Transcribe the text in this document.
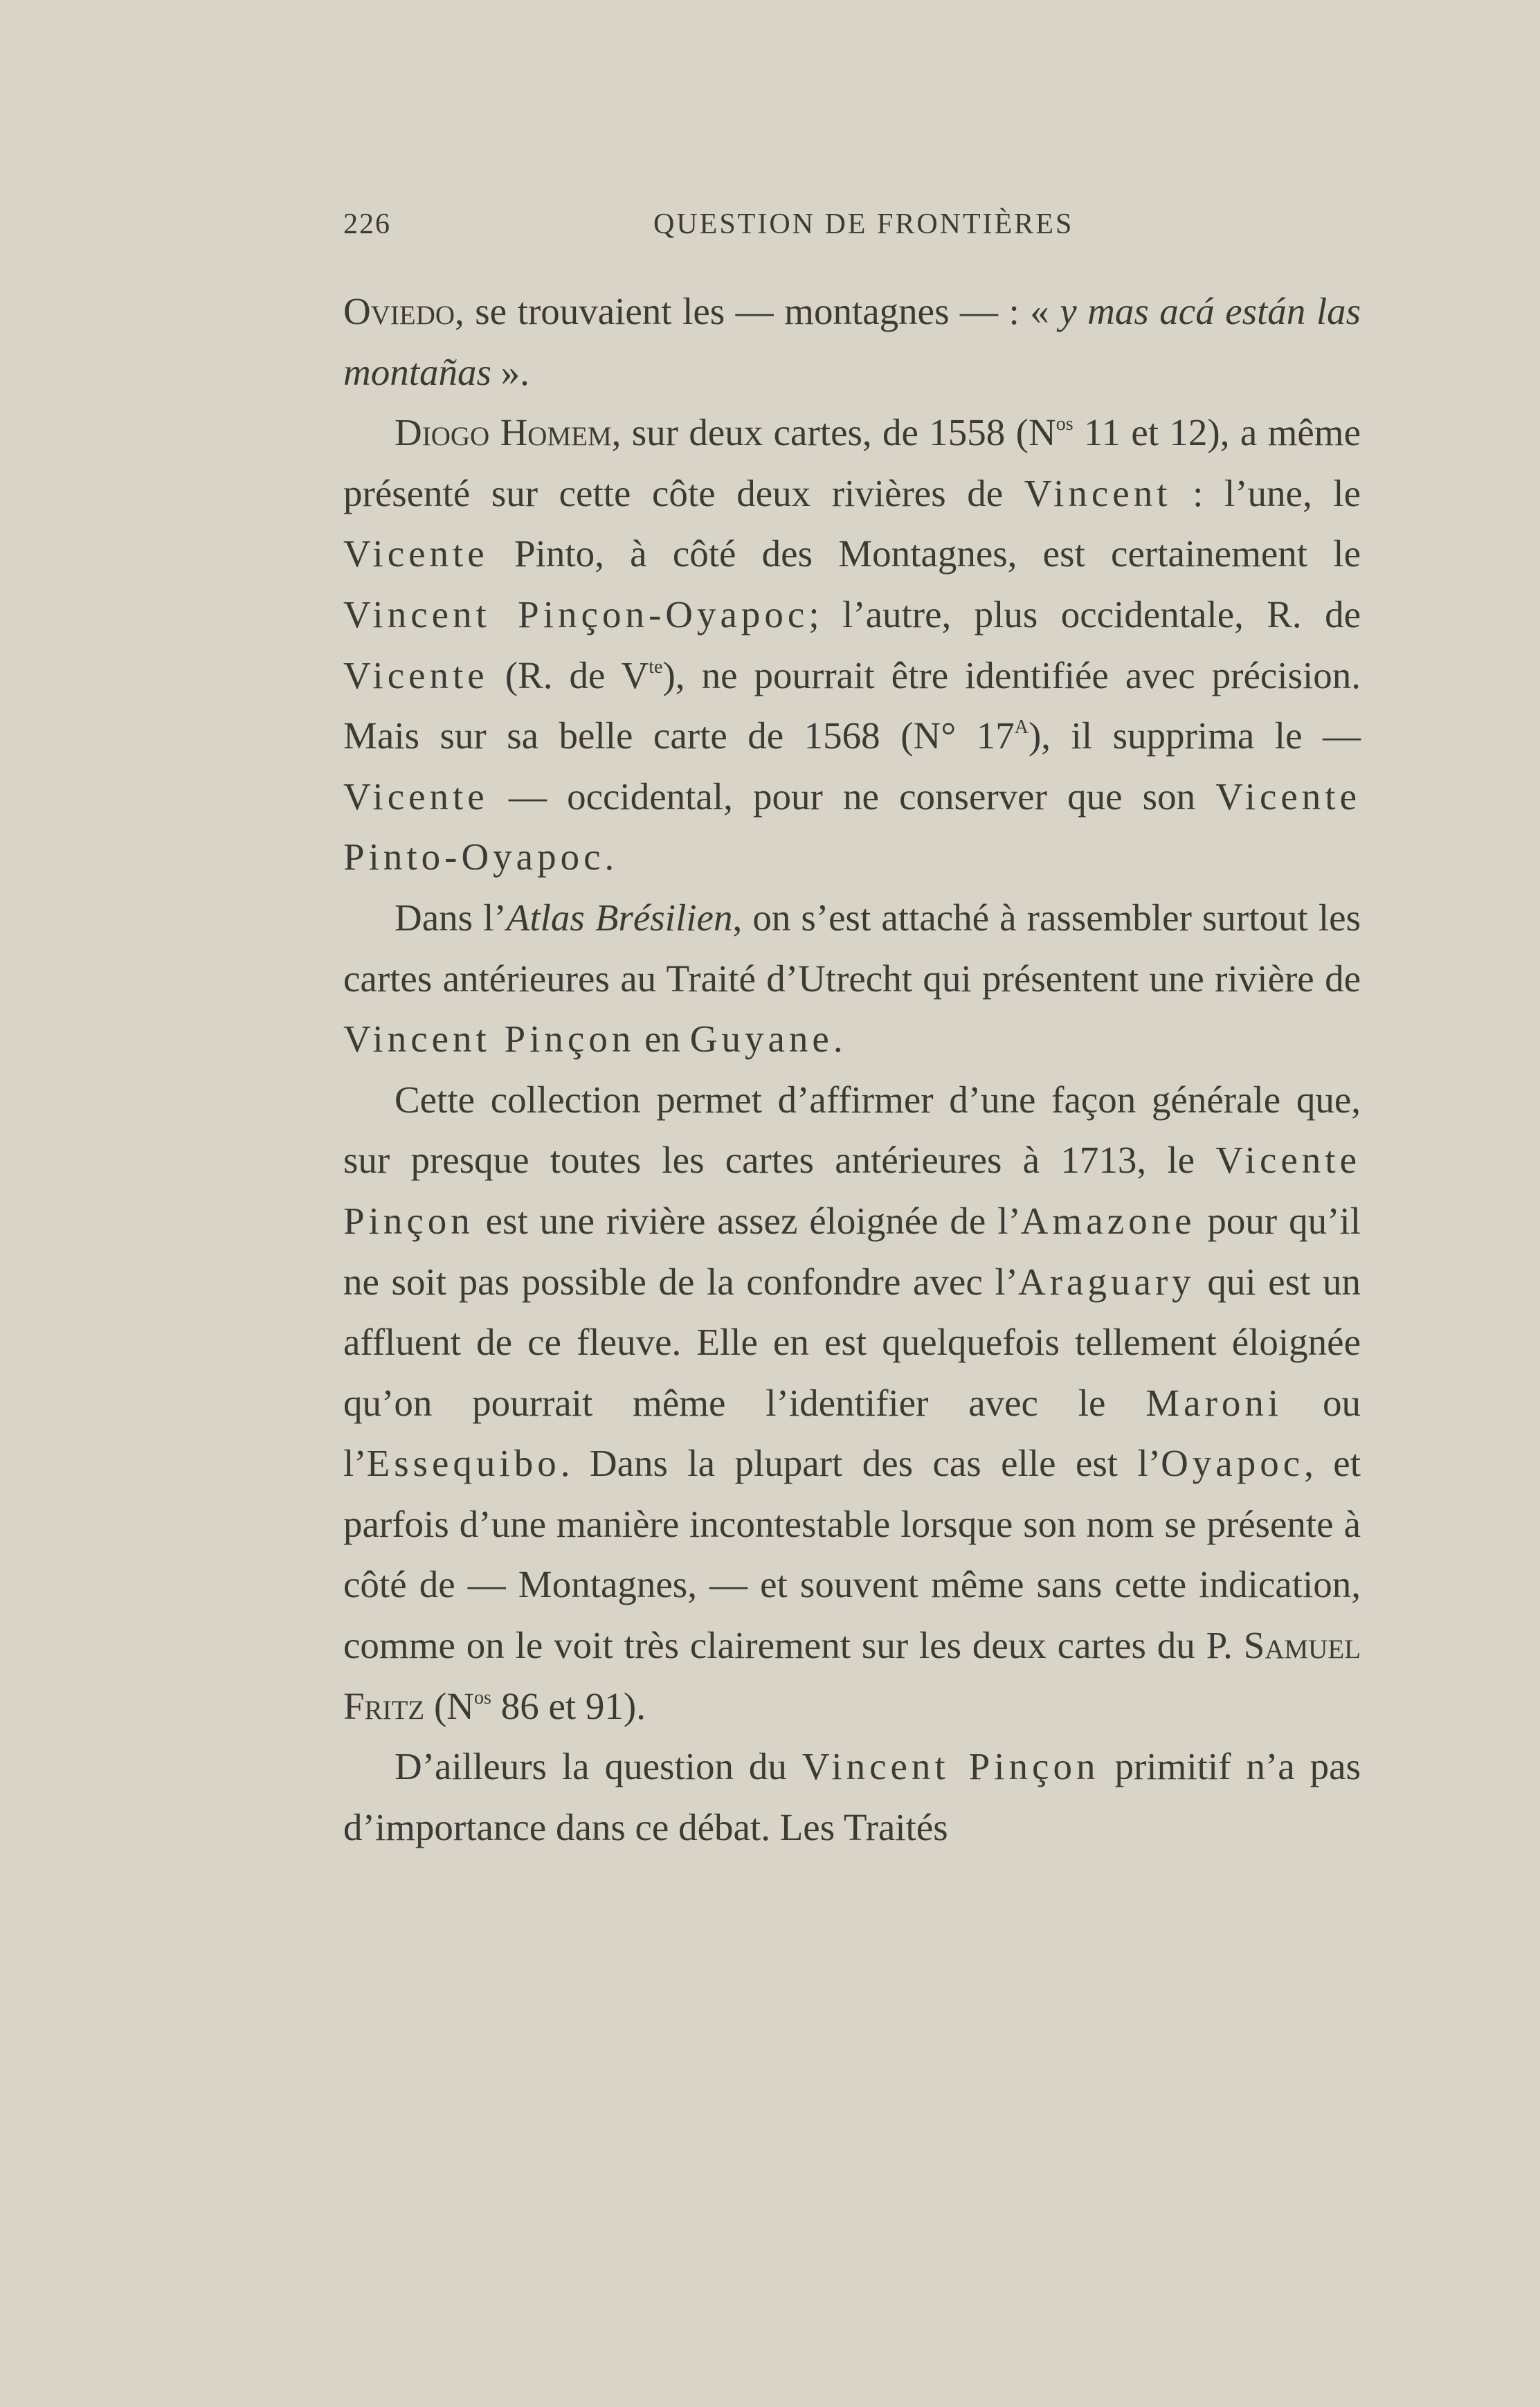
226	QUESTION DE FRONTIÈRES

Oviedo, se trouvaient les — montagnes — : « y mas acá están las montañas ».

Diogo Homem, sur deux cartes, de 1558 ($N^{os}$ 11 et 12), a même présenté sur cette côte deux rivières de Vincent : l’une, le Vicente Pinto, à côté des Montagnes, est certainement le Vincent Pinçon-Oyapoc; l’autre, plus occidentale, R. de Vicente (R. de $V^{te}$), ne pourrait être identifiée avec précision. Mais sur sa belle carte de 1568 (N° $17^A$), il supprima le — Vicente — occidental, pour ne conserver que son Vicente Pinto-Oyapoc.

Dans l’Atlas Brésilien, on s’est attaché à rassembler surtout les cartes antérieures au Traité d’Utrecht qui présentent une rivière de Vincent Pinçon en Guyane.

Cette collection permet d’affirmer d’une façon générale que, sur presque toutes les cartes antérieures à 1713, le Vicente Pinçon est une rivière assez éloignée de l’Amazone pour qu’il ne soit pas possible de la confondre avec l’Araguary qui est un affluent de ce fleuve. Elle en est quelquefois tellement éloignée qu’on pourrait même l’identifier avec le Maroni ou l’Essequibo. Dans la plupart des cas elle est l’Oyapoc, et parfois d’une manière incontestable lorsque son nom se présente à côté de — Montagnes, — et souvent même sans cette indication, comme on le voit très clairement sur les deux cartes du P. Samuel Fritz ($N^{os}$ 86 et 91).

D’ailleurs la question du Vincent Pinçon primitif n’a pas d’importance dans ce débat. Les Traités
